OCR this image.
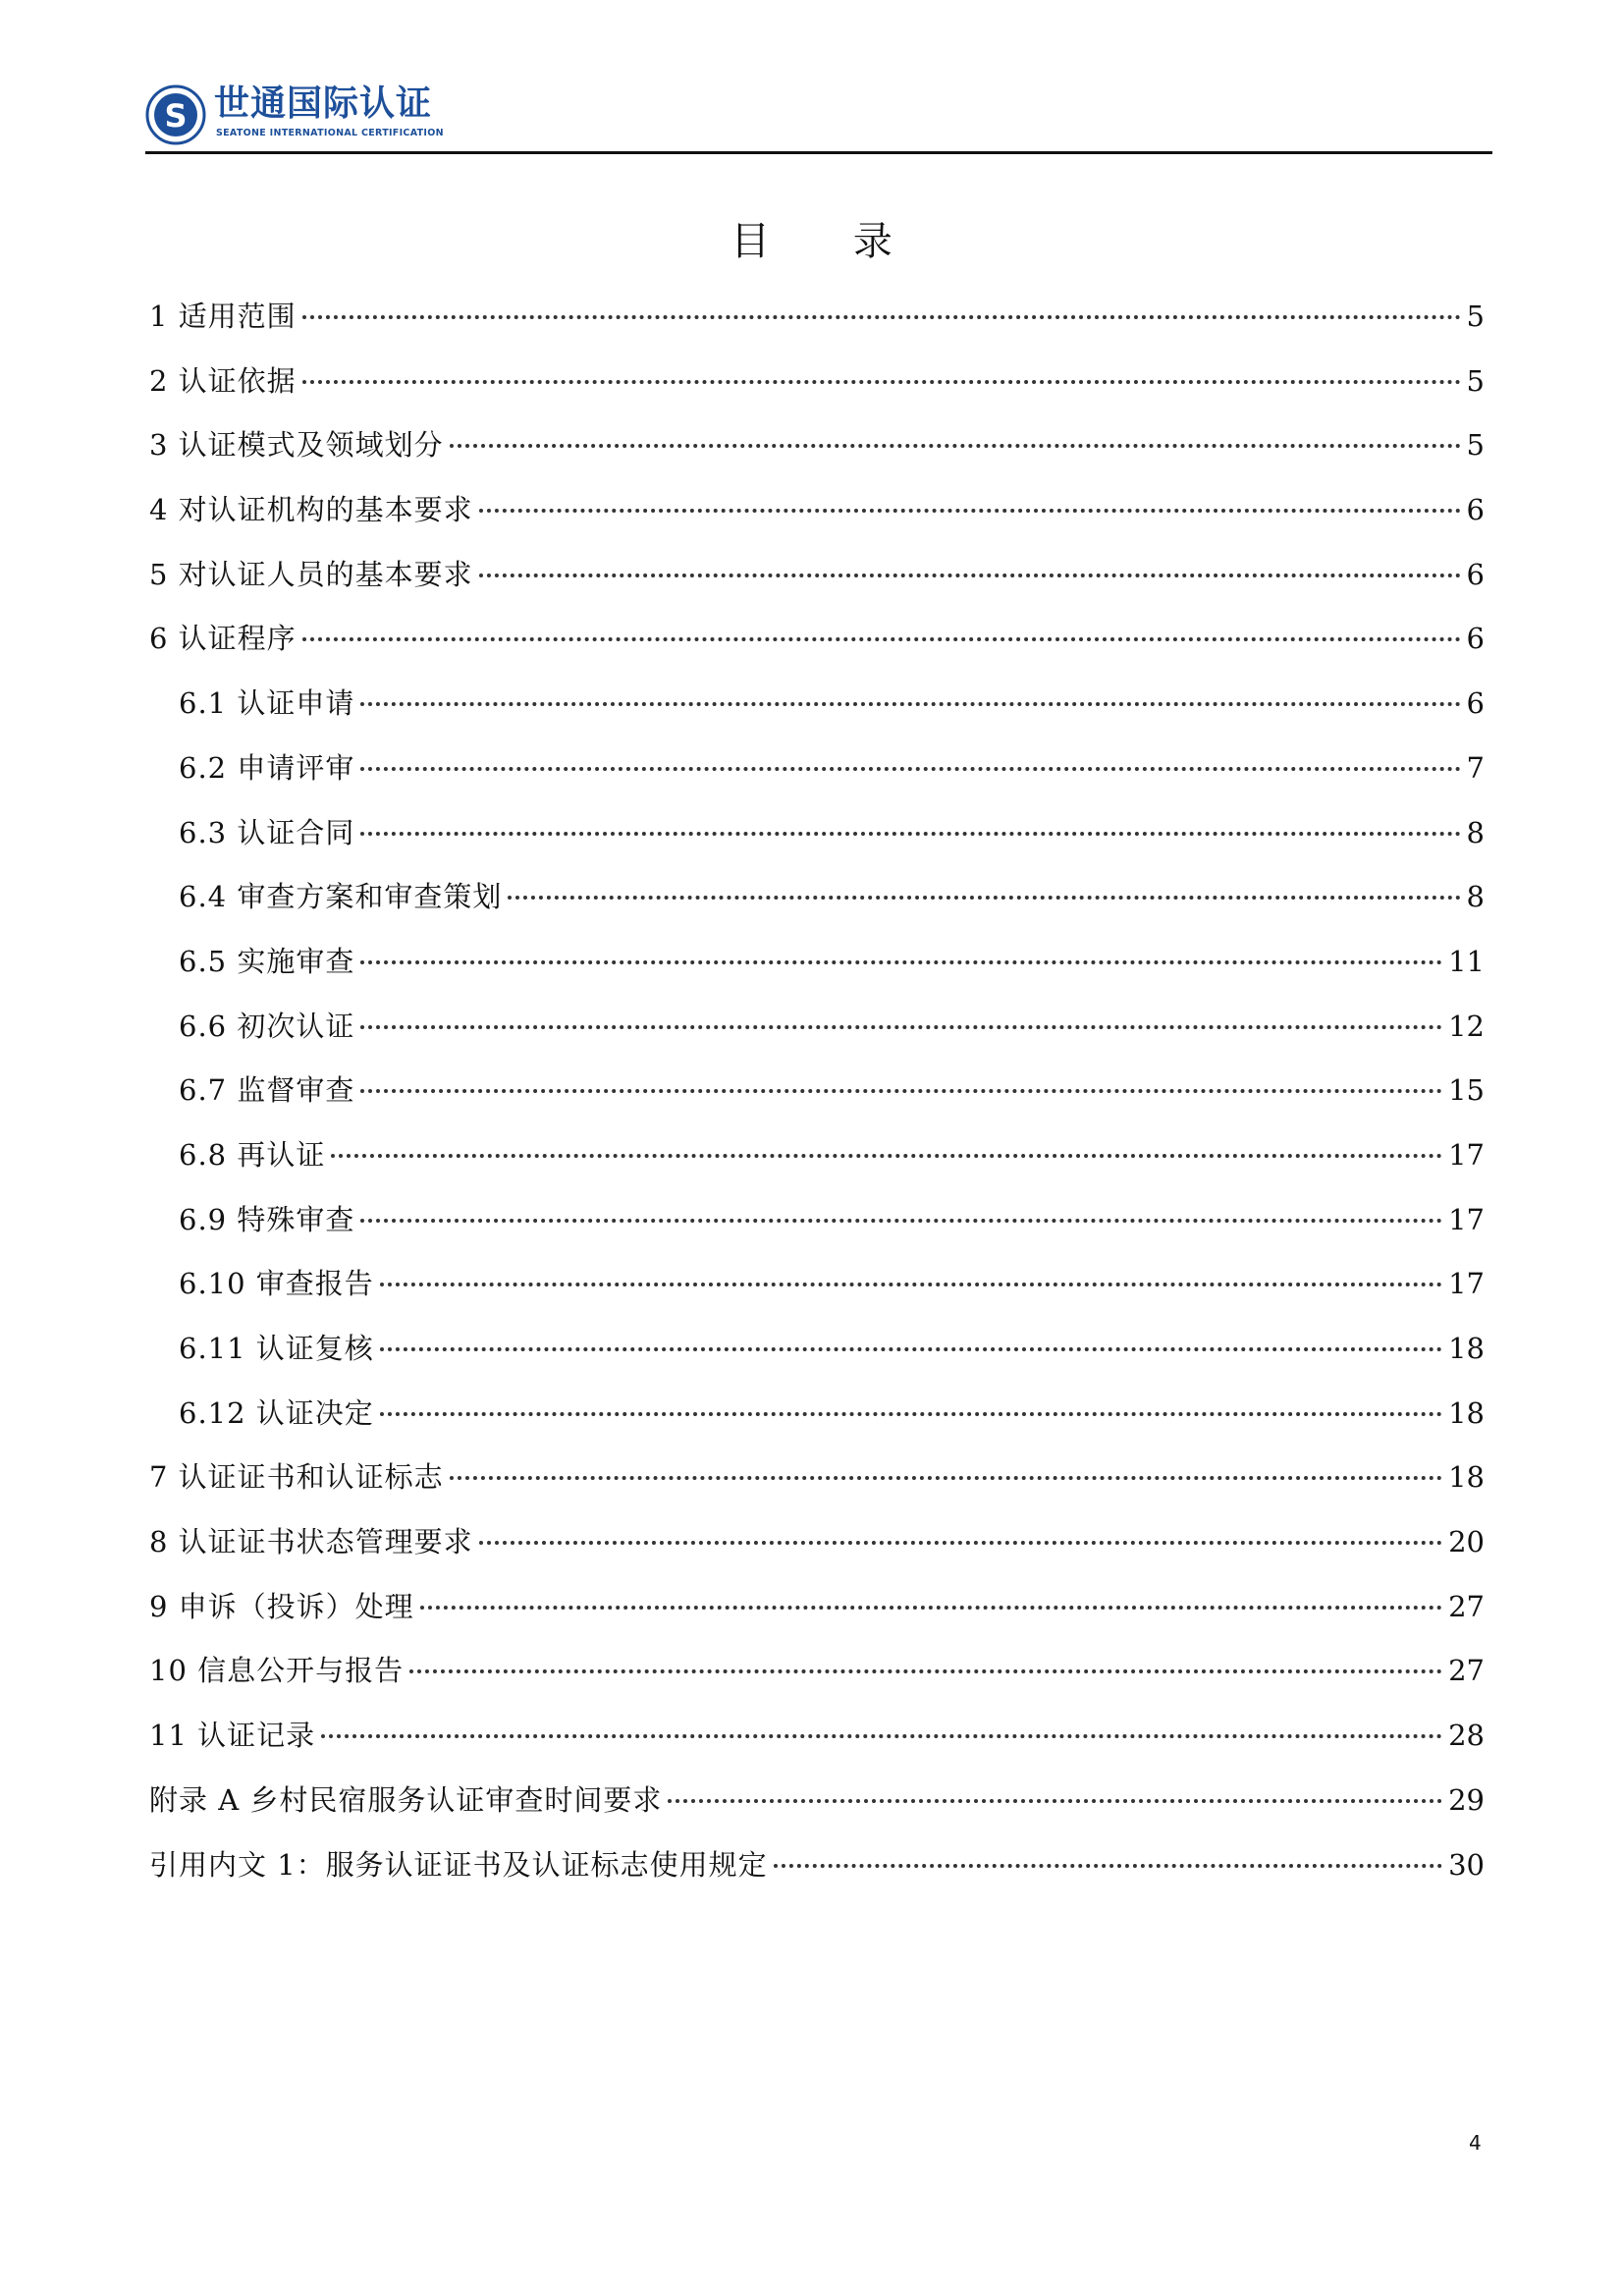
S 世通国际认证
SEATONE INTERNATIONAL CERTIFICATION
目 录
1 适用范围	5
2 认证依据	5
3 认证模式及领域划分	5
4 对认证机构的基本要求	6
5 对认证人员的基本要求	6
6 认证程序	6
6.1 认证申请	6
6.2 申请评审	7
6.3 认证合同	8
6.4 审查方案和审查策划	8
6.5 实施审查	11
6.6 初次认证	12
6.7 监督审查	15
6.8 再认证	17
6.9 特殊审查	17
6.10 审查报告	17
6.11 认证复核	18
6.12 认证决定	18
7 认证证书和认证标志	18
8 认证证书状态管理要求	20
9 申诉（投诉）处理	27
10 信息公开与报告	27
11 认证记录	28
附录 A 乡村民宿服务认证审查时间要求	29
引用内文 1：服务认证证书及认证标志使用规定	30
4
